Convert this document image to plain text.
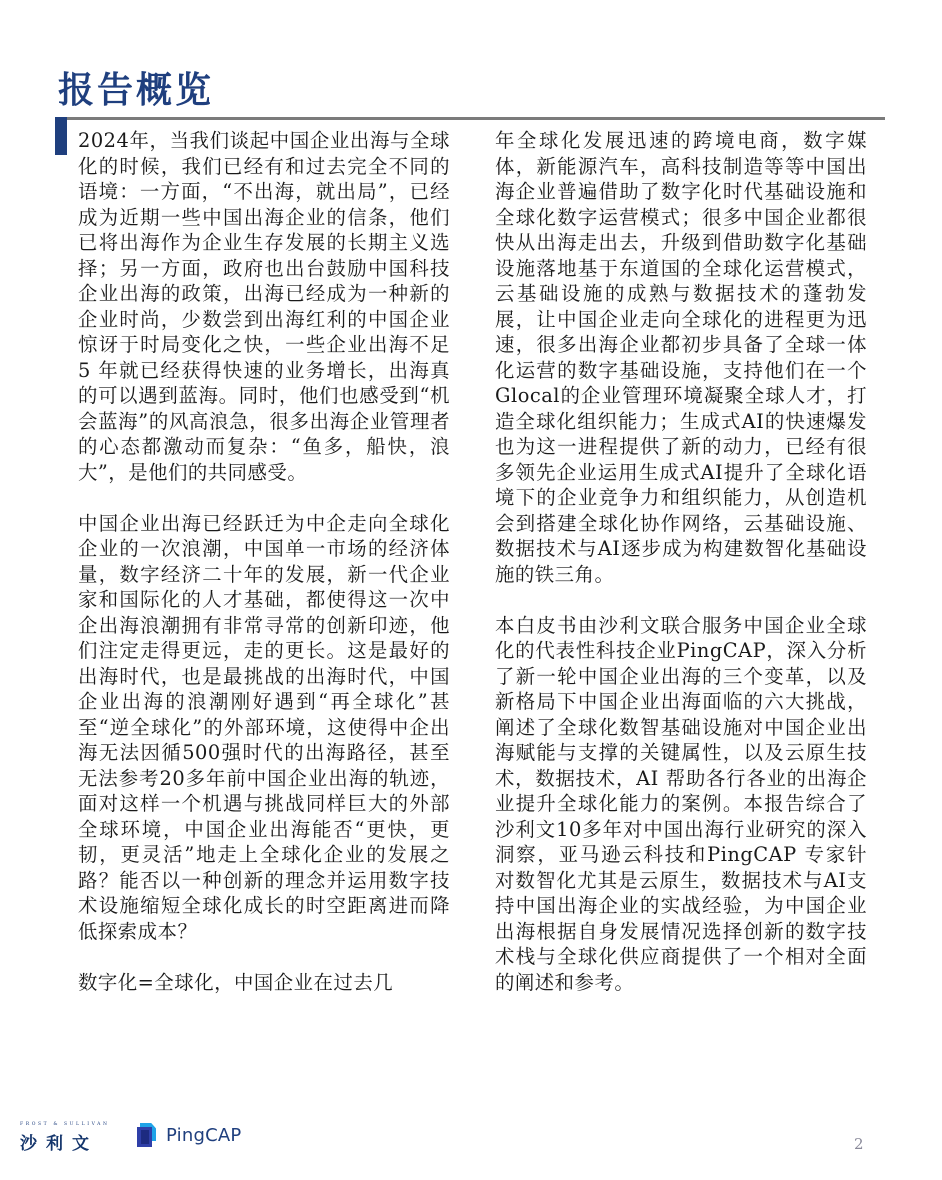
报告概览

2024年，当我们谈起中国企业出海与全球化的时候，我们已经有和过去完全不同的语境：一方面，“不出海，就出局”，已经成为近期一些中国出海企业的信条，他们已将出海作为企业生存发展的长期主义选择；另一方面，政府也出台鼓励中国科技企业出海的政策，出海已经成为一种新的企业时尚，少数尝到出海红利的中国企业惊讶于时局变化之快，一些企业出海不足 5 年就已经获得快速的业务增长，出海真的可以遇到蓝海。同时，他们也感受到“机会蓝海”的风高浪急，很多出海企业管理者的心态都激动而复杂：“鱼多，船快，浪大”，是他们的共同感受。

中国企业出海已经跃迁为中企走向全球化企业的一次浪潮，中国单一市场的经济体量，数字经济二十年的发展，新一代企业家和国际化的人才基础，都使得这一次中企出海浪潮拥有非常寻常的创新印迹，他们注定走得更远，走的更长。这是最好的出海时代，也是最挑战的出海时代，中国企业出海的浪潮刚好遇到“再全球化”甚至“逆全球化”的外部环境，这使得中企出海无法因循500强时代的出海路径，甚至无法参考20多年前中国企业出海的轨迹，面对这样一个机遇与挑战同样巨大的外部全球环境，中国企业出海能否“更快，更韧，更灵活”地走上全球化企业的发展之路？能否以一种创新的理念并运用数字技术设施缩短全球化成长的时空距离进而降低探索成本？

数字化=全球化，中国企业在过去几

年全球化发展迅速的跨境电商，数字媒体，新能源汽车，高科技制造等等中国出海企业普遍借助了数字化时代基础设施和全球化数字运营模式；很多中国企业都很快从出海走出去，升级到借助数字化基础设施落地基于东道国的全球化运营模式，云基础设施的成熟与数据技术的蓬勃发展，让中国企业走向全球化的进程更为迅速，很多出海企业都初步具备了全球一体化运营的数字基础设施，支持他们在一个Glocal的企业管理环境凝聚全球人才，打造全球化组织能力；生成式AI的快速爆发也为这一进程提供了新的动力，已经有很多领先企业运用生成式AI提升了全球化语境下的企业竞争力和组织能力，从创造机会到搭建全球化协作网络，云基础设施、数据技术与AI逐步成为构建数智化基础设施的铁三角。

本白皮书由沙利文联合服务中国企业全球化的代表性科技企业PingCAP，深入分析了新一轮中国企业出海的三个变革，以及新格局下中国企业出海面临的六大挑战，阐述了全球化数智基础设施对中国企业出海赋能与支撑的关键属性，以及云原生技术，数据技术，AI 帮助各行各业的出海企业提升全球化能力的案例。本报告综合了沙利文10多年对中国出海行业研究的深入洞察，亚马逊云科技和PingCAP 专家针对数智化尤其是云原生，数据技术与AI支持中国出海企业的实战经验，为中国企业出海根据自身发展情况选择创新的数字技术栈与全球化供应商提供了一个相对全面的阐述和参考。

FROST & SULLIVAN
沙利文	PingCAP	2
